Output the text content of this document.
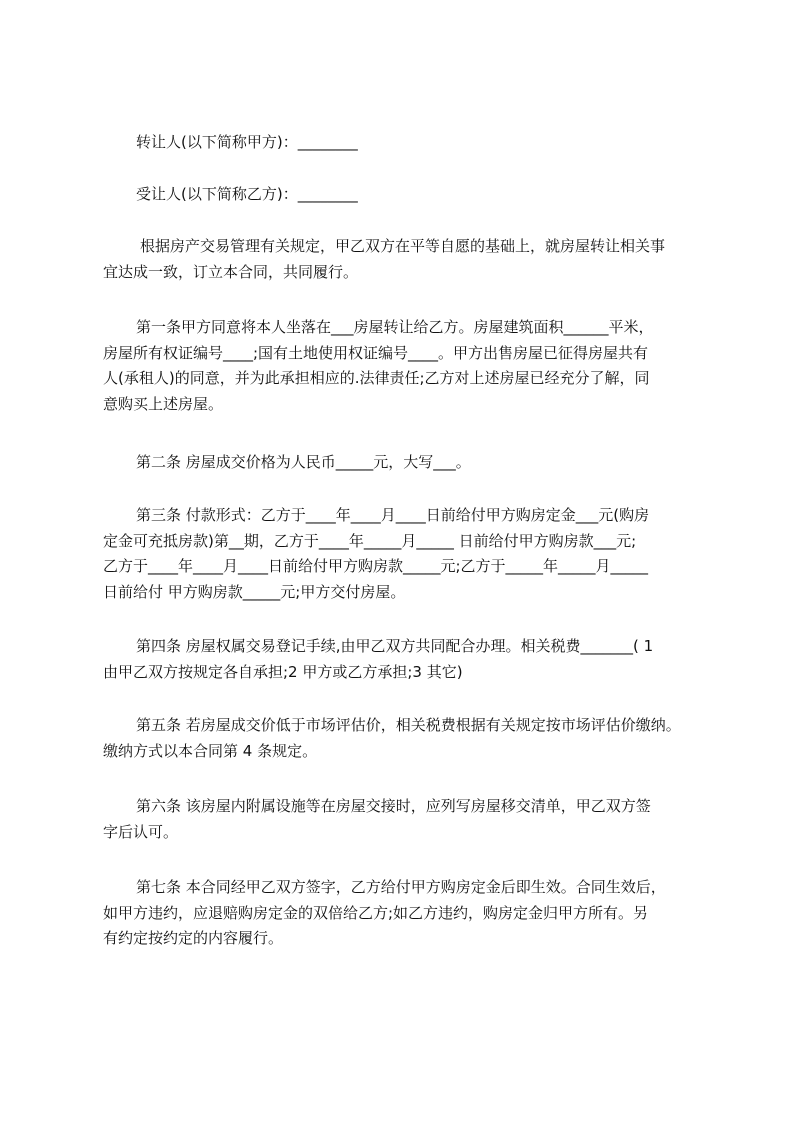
转让人(以下简称甲方)：________

受让人(以下简称乙方)：________

根据房产交易管理有关规定，甲乙双方在平等自愿的基础上，就房屋转让相关事
宜达成一致，订立本合同，共同履行。

第一条甲方同意将本人坐落在___房屋转让给乙方。房屋建筑面积______平米，
房屋所有权证编号____;国有土地使用权证编号____。甲方出售房屋已征得房屋共有
人(承租人)的同意，并为此承担相应的.法律责任;乙方对上述房屋已经充分了解，同
意购买上述房屋。

第二条 房屋成交价格为人民币_____元，大写___。

第三条 付款形式：乙方于____年____月____日前给付甲方购房定金___元(购房
定金可充抵房款)第__期，乙方于____年_____月_____ 日前给付甲方购房款___元;
乙方于____年____月____日前给付甲方购房款_____元;乙方于_____年_____月_____
日前给付 甲方购房款_____元;甲方交付房屋。

第四条 房屋权属交易登记手续,由甲乙双方共同配合办理。相关税费_______( 1
由甲乙双方按规定各自承担;2 甲方或乙方承担;3 其它)

第五条 若房屋成交价低于市场评估价，相关税费根据有关规定按市场评估价缴纳。
缴纳方式以本合同第 4 条规定。

第六条 该房屋内附属设施等在房屋交接时，应列写房屋移交清单，甲乙双方签
字后认可。

第七条 本合同经甲乙双方签字，乙方给付甲方购房定金后即生效。合同生效后，
如甲方违约，应退赔购房定金的双倍给乙方;如乙方违约，购房定金归甲方所有。另
有约定按约定的内容履行。
